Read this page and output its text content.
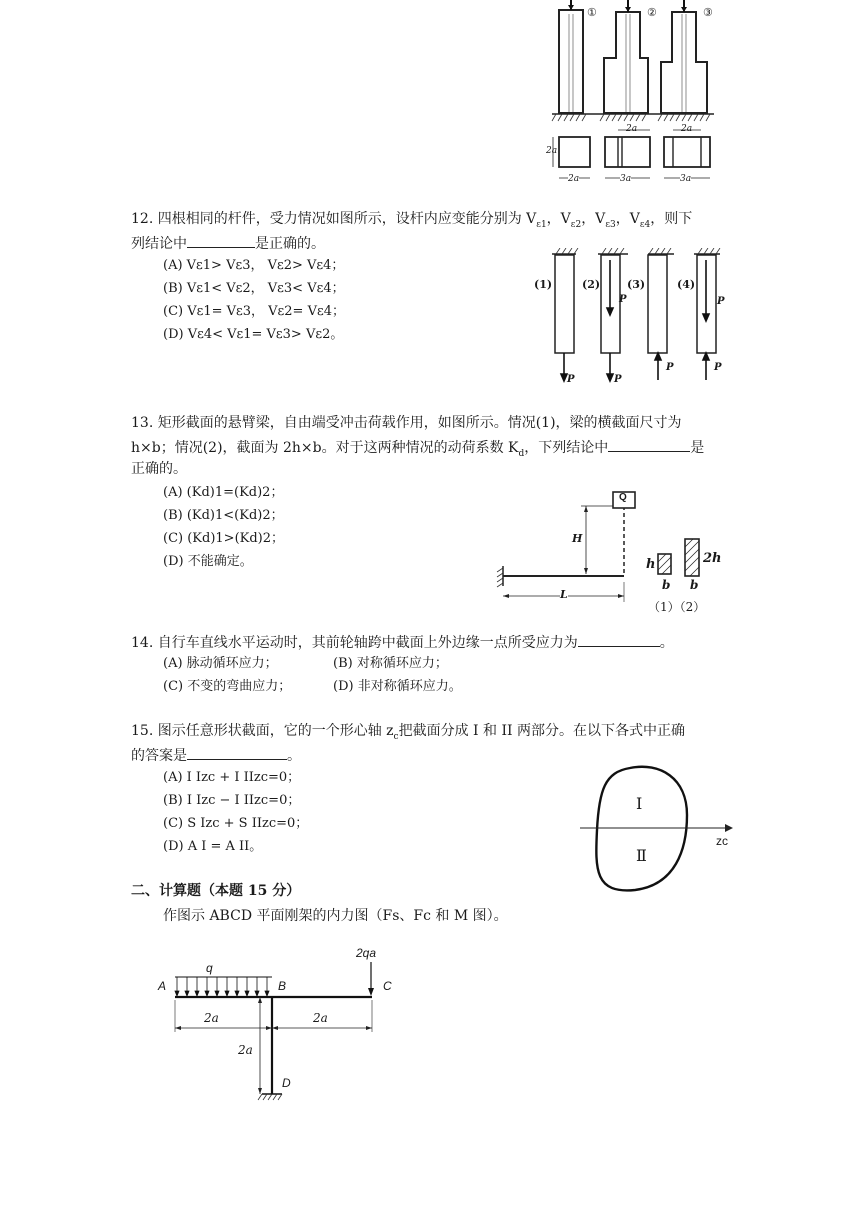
①	②	③
2a
2a	2a
2a	3a	3a
12. 四根相同的杆件，受力情况如图所示，设杆内应变能分别为 $V_{\varepsilon 1}$，$V_{\varepsilon 2}$，$V_{\varepsilon 3}$，$V_{\varepsilon 4}$，则下
列结论中	是正确的。
(A) Vε1> Vε3， Vε2> Vε4；
(B) Vε1< Vε2， Vε3< Vε4；
(C) Vε1= Vε3， Vε2= Vε4；
(D) Vε4< Vε1= Vε3> Vε2。
(1)	(2) (3)	(4)
P	P
P
P	P
P
13. 矩形截面的悬臂梁，自由端受冲击荷载作用，如图所示。情况(1)，梁的横截面尺寸为
h×b；情况(2)，截面为 2h×b。对于这两种情况的动荷系数 $K_d$，下列结论中	是
正确的。
(A) (Kd)1=(Kd)2；
(B) (Kd)1<(Kd)2；
(C) (Kd)1>(Kd)2；
(D) 不能确定。
Q
H
L
h	2h
b b
（1）（2）
14. 自行车直线水平运动时，其前轮轴跨中截面上外边缘一点所受应力为	。
(A) 脉动循环应力；	(B) 对称循环应力；
(C) 不变的弯曲应力；	(D) 非对称循环应力。
15. 图示任意形状截面，它的一个形心轴 $z_c$把截面分成 I 和 II 两部分。在以下各式中正确
的答案是	。
(A) I Izc + I IIzc=0；
(B) I Izc − I IIzc=0；
(C) S Izc + S IIzc=0；
(D) A I = A II。
Ⅰ
Ⅱ
zc
二、计算题（本题 15 分）
作图示 ABCD 平面刚架的内力图（Fs、Fc 和 M 图）。
2qa
q
A	B	C
D
2a	2a
2a
